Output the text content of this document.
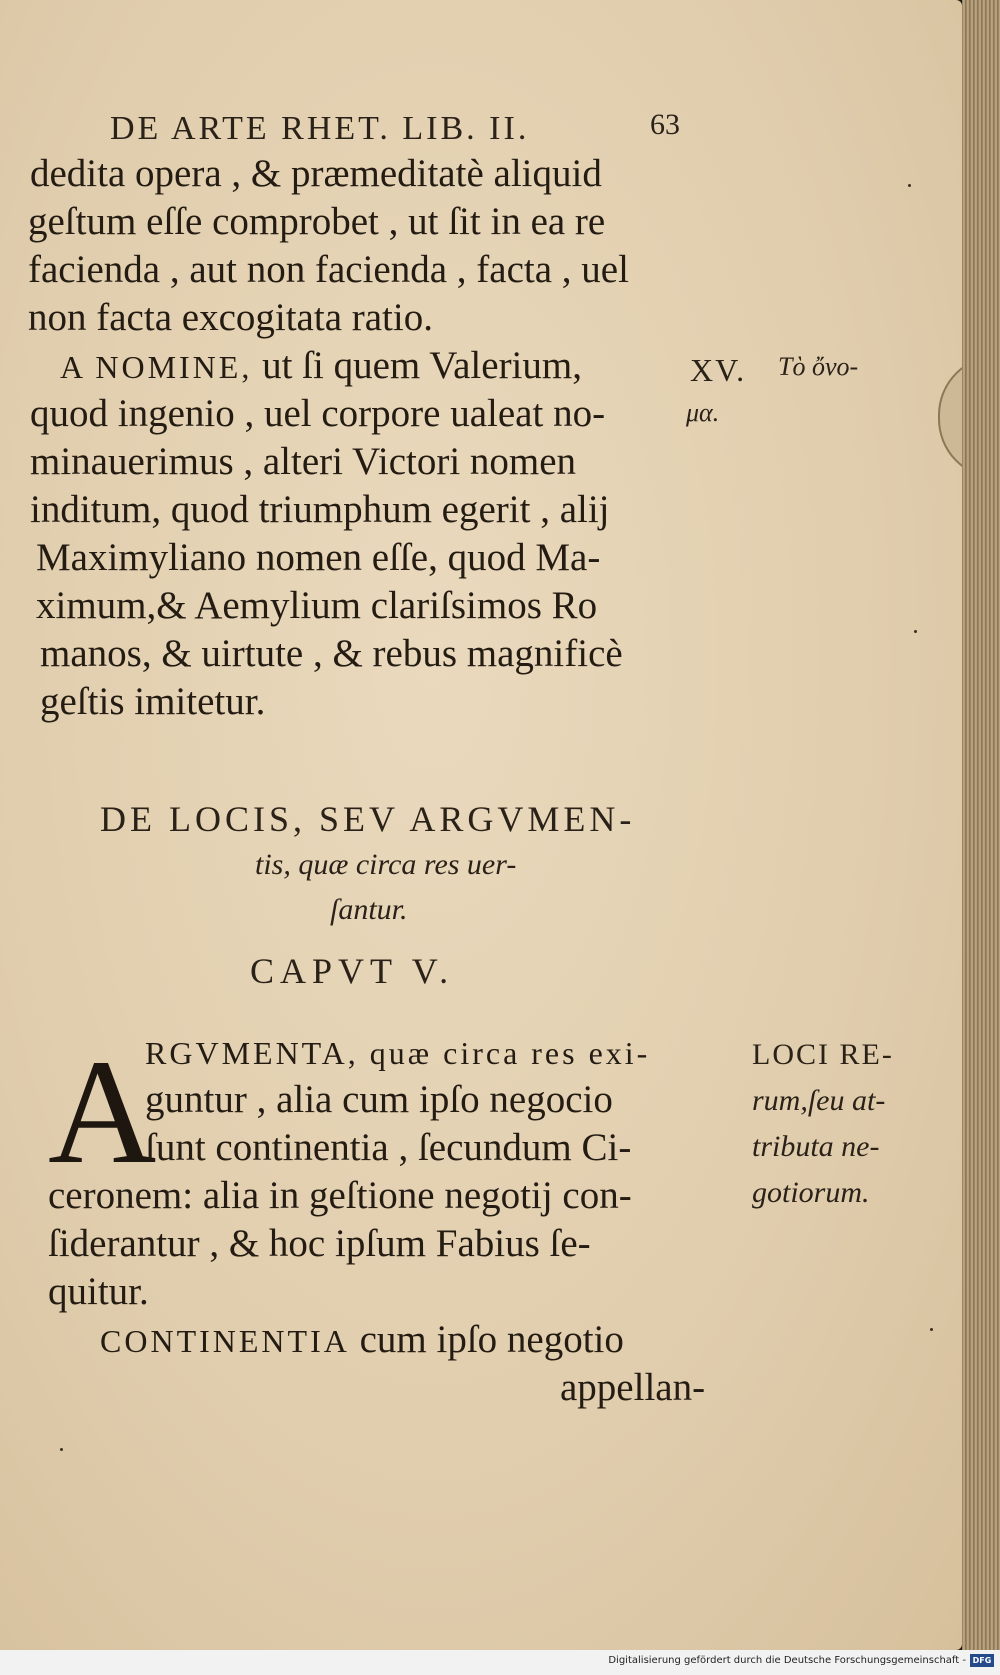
DE ARTE RHET. LIB. II.	63
dedita opera , & præmeditatè aliquid
geſtum eſſe comprobet , ut ſit in ea re
facienda , aut non facienda , facta , uel
non facta excogitata ratio.
A NOMINE, ut ſi quem Valerium,
quod ingenio , uel corpore ualeat no-
minauerimus , alteri Victori nomen
inditum, quod triumphum egerit , alij
Maximyliano nomen eſſe, quod Ma-
ximum,& Aemylium clariſsimos Ro
manos, & uirtute , & rebus magnificè
geſtis imitetur.
XV. Τὸ ὄνο-
μα.
DE LOCIS, SEV ARGVMEN-
tis, quæ circa res uer-
ſantur.
CAPVT V.
A
RGVMENTA, quæ circa res exi-
guntur , alia cum ipſo negocio
ſunt continentia , ſecundum Ci-
ceronem: alia in geſtione negotij con-
ſiderantur , & hoc ipſum Fabius ſe-
quitur.
CONTINENTIA cum ipſo negotio
appellan-
LOCI RE-
rum,ſeu at-
tributa ne-
gotiorum.
Digitalisierung gefördert durch die Deutsche Forschungsgemeinschaft - DFG
